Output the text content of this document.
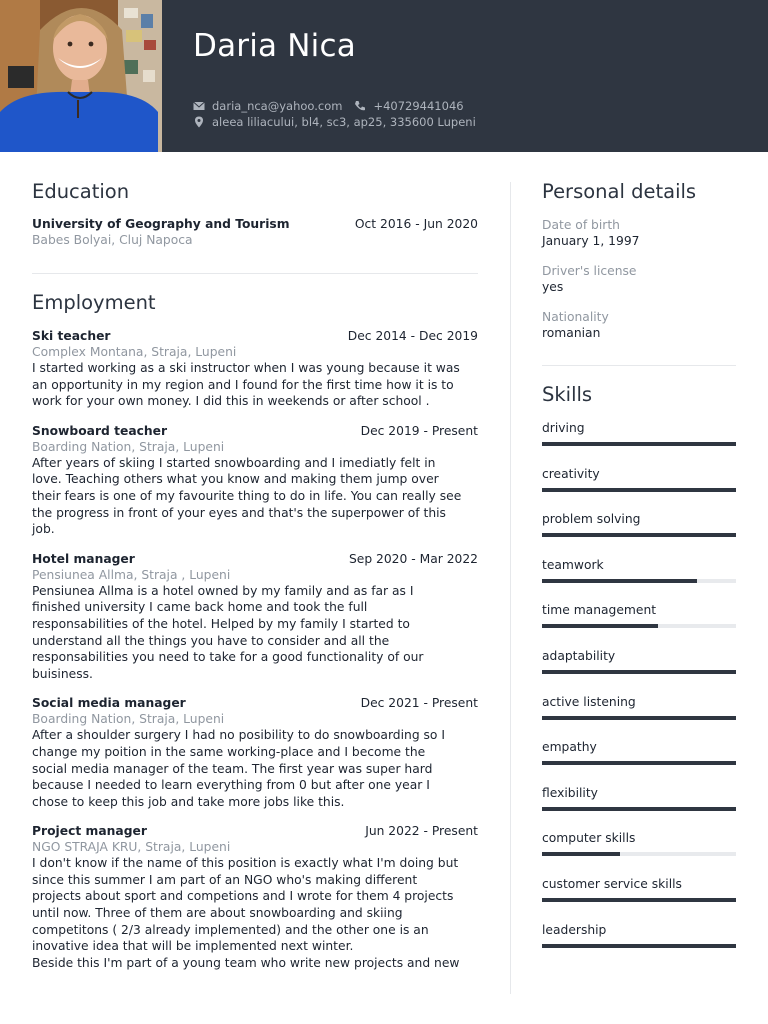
Daria Nica
daria_nca@yahoo.com	+40729441046
aleea liliacului, bl4, sc3, ap25, 335600 Lupeni
Education
University of Geography and Tourism	Oct 2016 - Jun 2020
Babes Bolyai, Cluj Napoca
Employment
Ski teacher	Dec 2014 - Dec 2019
Complex Montana, Straja, Lupeni

I started working as a ski instructor when I was young because it was
an opportunity in my region and I found for the first time how it is to
work for your own money. I did this in weekends or after school .

Snowboard teacher	Dec 2019 - Present
Boarding Nation, Straja, Lupeni

After years of skiing I started snowboarding and I imediatly felt in
love. Teaching others what you know and making them jump over
their fears is one of my favourite thing to do in life. You can really see
the progress in front of your eyes and that's the superpower of this
job.

Hotel manager	Sep 2020 - Mar 2022
Pensiunea Allma, Straja , Lupeni

Pensiunea Allma is a hotel owned by my family and as far as I
finished university I came back home and took the full
responsabilities of the hotel. Helped by my family I started to
understand all the things you have to consider and all the
responsabilities you need to take for a good functionality of our
buisiness.

Social media manager	Dec 2021 - Present
Boarding Nation, Straja, Lupeni

After a shoulder surgery I had no posibility to do snowboarding so I
change my poition in the same working-place and I become the
social media manager of the team. The first year was super hard
because I needed to learn everything from 0 but after one year I
chose to keep this job and take more jobs like this.

Project manager	Jun 2022 - Present
NGO STRAJA KRU, Straja, Lupeni

I don't know if the name of this position is exactly what I'm doing but
since this summer I am part of an NGO who's making different
projects about sport and competions and I wrote for them 4 projects
until now. Three of them are about snowboarding and skiing
competitons ( 2/3 already implemented) and the other one is an
inovative idea that will be implemented next winter.
Beside this I'm part of a young team who write new projects and new

Personal details
Date of birth
January 1, 1997
Driver's license
yes
Nationality
romanian
Skills
driving
creativity
problem solving
teamwork
time management
adaptability
active listening
empathy
flexibility
computer skills
customer service skills
leadership
